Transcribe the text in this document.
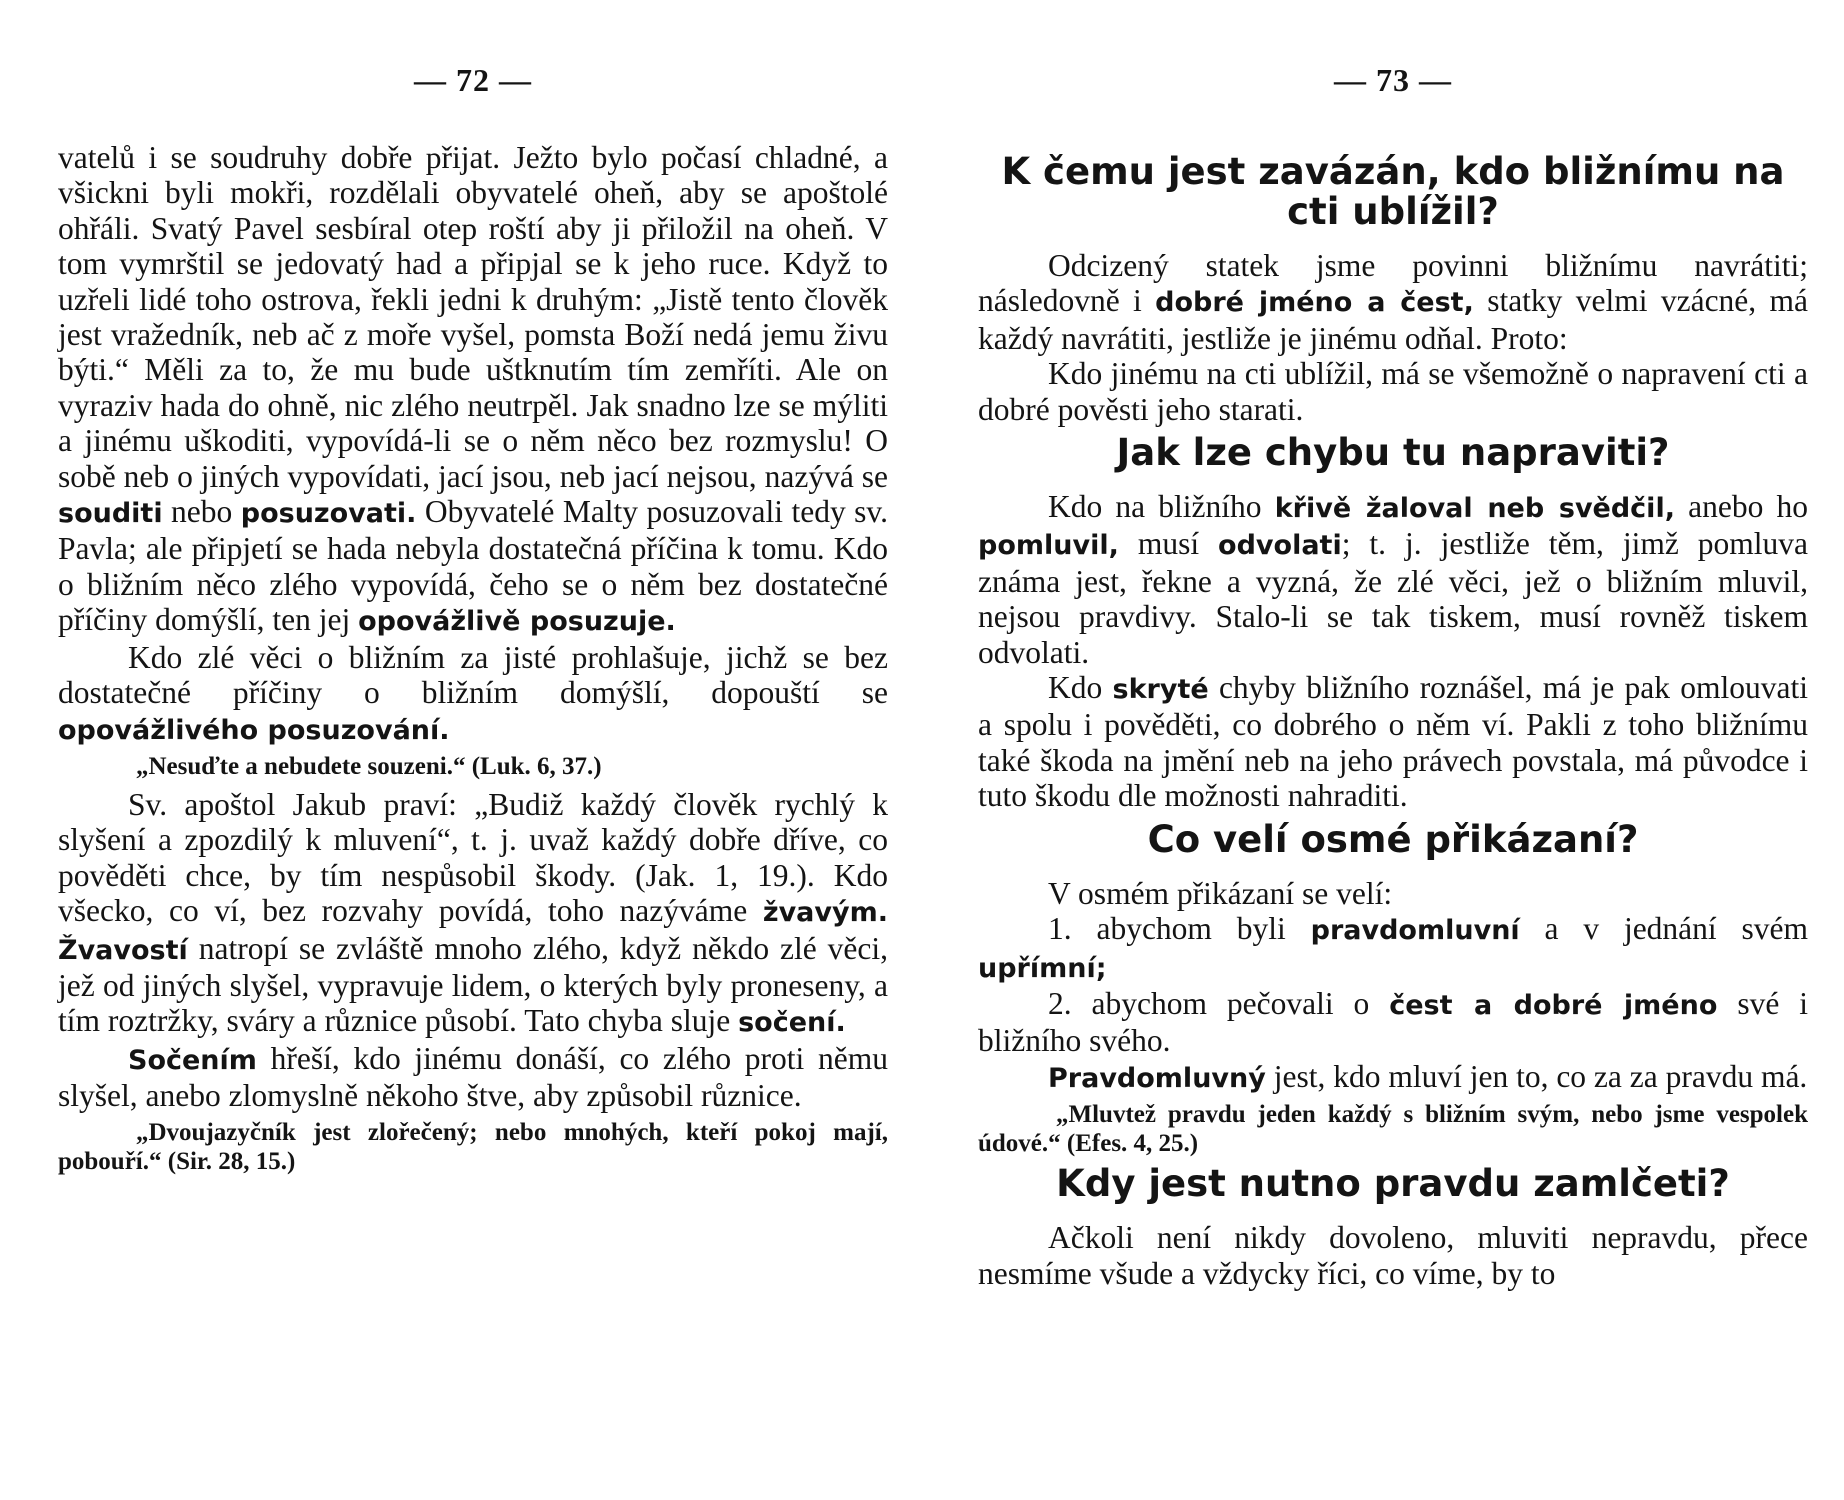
— 72 —

vatelů i se soudruhy dobře přijat. Ježto bylo počasí chladné, a všickni byli mokři, rozdělali obyvatelé oheň, aby se apoštolé ohřáli. Svatý Pavel sesbíral otep roští aby ji přiložil na oheň. V tom vymrštil se jedovatý had a připjal se k jeho ruce. Když to uzřeli lidé toho ostrova, řekli jedni k druhým: „Jistě tento člověk jest vražedník, neb ač z moře vyšel, pomsta Boží nedá jemu živu býti.“ Měli za to, že mu bude uštknutím tím zemříti. Ale on vyraziv hada do ohně, nic zlého neutrpěl. Jak snadno lze se mýliti a jinému uškoditi, vypovídá-li se o něm něco bez rozmyslu! O sobě neb o jiných vypovídati, jací jsou, neb jací nejsou, nazývá se souditi nebo posuzovati. Obyvatelé Malty posuzovali tedy sv. Pavla; ale připjetí se hada nebyla dostatečná příčina k tomu. Kdo o bližním něco zlého vypovídá, čeho se o něm bez dostatečné příčiny domýšlí, ten jej opovážlivě posuzuje.

Kdo zlé věci o bližním za jisté prohlašuje, jichž se bez dostatečné příčiny o bližním domýšlí, dopouští se opovážlivého posuzování.

„Nesuďte a nebudete souzeni.“ (Luk. 6, 37.)

Sv. apoštol Jakub praví: „Budiž každý člověk rychlý k slyšení a zpozdilý k mluvení“, t. j. uvaž každý dobře dříve, co pověděti chce, by tím nespůsobil škody. (Jak. 1, 19.). Kdo všecko, co ví, bez rozvahy povídá, toho nazýváme žvavým. Žvavostí natropí se zvláště mnoho zlého, když někdo zlé věci, jež od jiných slyšel, vypravuje lidem, o kterých byly proneseny, a tím roztržky, sváry a různice působí. Tato chyba sluje sočení.

Sočením hřeší, kdo jinému donáší, co zlého proti němu slyšel, anebo zlomyslně někoho štve, aby způsobil různice.

„Dvoujazyčník jest zlořečený; nebo mnohých, kteří pokoj mají, pobouří.“ (Sir. 28, 15.)

— 73 —

K čemu jest zavázán, kdo bližnímu na cti ublížil?

Odcizený statek jsme povinni bližnímu navrátiti; následovně i dobré jméno a čest, statky velmi vzácné, má každý navrátiti, jestliže je jinému odňal. Proto:

Kdo jinému na cti ublížil, má se všemožně o napravení cti a dobré pověsti jeho starati.

Jak lze chybu tu napraviti?

Kdo na bližního křivě žaloval neb svědčil, anebo ho pomluvil, musí odvolati; t. j. jestliže těm, jimž pomluva známa jest, řekne a vyzná, že zlé věci, jež o bližním mluvil, nejsou pravdivy. Stalo-li se tak tiskem, musí rovněž tiskem odvolati.

Kdo skryté chyby bližního roznášel, má je pak omlouvati a spolu i pověděti, co dobrého o něm ví. Pakli z toho bližnímu také škoda na jmění neb na jeho právech povstala, má původce i tuto škodu dle možnosti nahraditi.

Co velí osmé přikázaní?

V osmém přikázaní se velí:

1. abychom byli pravdomluvní a v jednání svém upřímní;

2. abychom pečovali o čest a dobré jméno své i bližního svého.

Pravdomluvný jest, kdo mluví jen to, co za za pravdu má.

„Mluvtež pravdu jeden každý s bližním svým, nebo jsme vespolek údové.“ (Efes. 4, 25.)

Kdy jest nutno pravdu zamlčeti?

Ačkoli není nikdy dovoleno, mluviti nepravdu, přece nesmíme všude a vždycky říci, co víme, by to
